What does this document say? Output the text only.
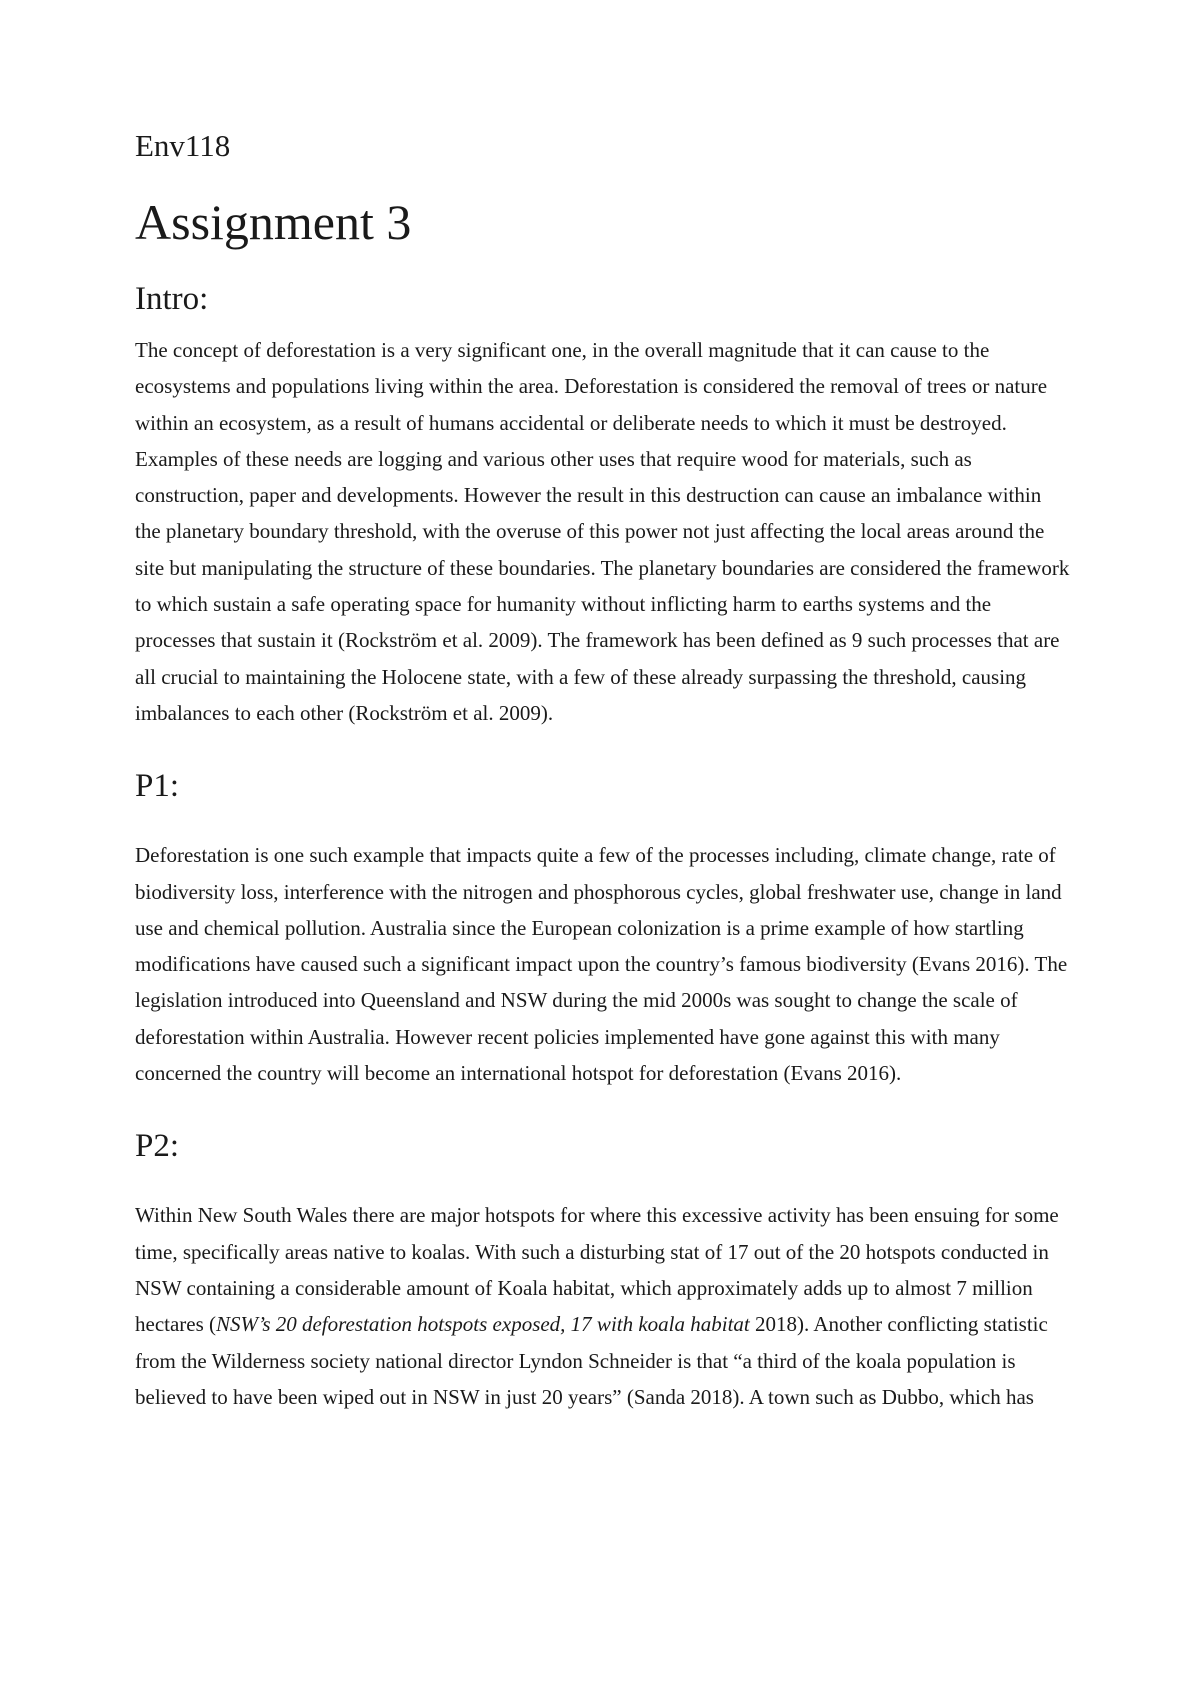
Env118
Assignment 3
Intro:

The concept of deforestation is a very significant one, in the overall magnitude that it can cause to the ecosystems and populations living within the area. Deforestation is considered the removal of trees or nature within an ecosystem, as a result of humans accidental or deliberate needs to which it must be destroyed. Examples of these needs are logging and various other uses that require wood for materials, such as construction, paper and developments. However the result in this destruction can cause an imbalance within the planetary boundary threshold, with the overuse of this power not just affecting the local areas around the site but manipulating the structure of these boundaries. The planetary boundaries are considered the framework to which sustain a safe operating space for humanity without inflicting harm to earths systems and the processes that sustain it (Rockström et al. 2009). The framework has been defined as 9 such processes that are all crucial to maintaining the Holocene state, with a few of these already surpassing the threshold, causing imbalances to each other (Rockström et al. 2009).

P1:

Deforestation is one such example that impacts quite a few of the processes including, climate change, rate of biodiversity loss, interference with the nitrogen and phosphorous cycles, global freshwater use, change in land use and chemical pollution. Australia since the European colonization is a prime example of how startling modifications have caused such a significant impact upon the country’s famous biodiversity (Evans 2016). The legislation introduced into Queensland and NSW during the mid 2000s was sought to change the scale of deforestation within Australia. However recent policies implemented have gone against this with many concerned the country will become an international hotspot for deforestation (Evans 2016).

P2:

Within New South Wales there are major hotspots for where this excessive activity has been ensuing for some time, specifically areas native to koalas. With such a disturbing stat of 17 out of the 20 hotspots conducted in NSW containing a considerable amount of Koala habitat, which approximately adds up to almost 7 million hectares (NSW’s 20 deforestation hotspots exposed, 17 with koala habitat 2018). Another conflicting statistic from the Wilderness society national director Lyndon Schneider is that “a third of the koala population is believed to have been wiped out in NSW in just 20 years” (Sanda 2018). A town such as Dubbo, which has
